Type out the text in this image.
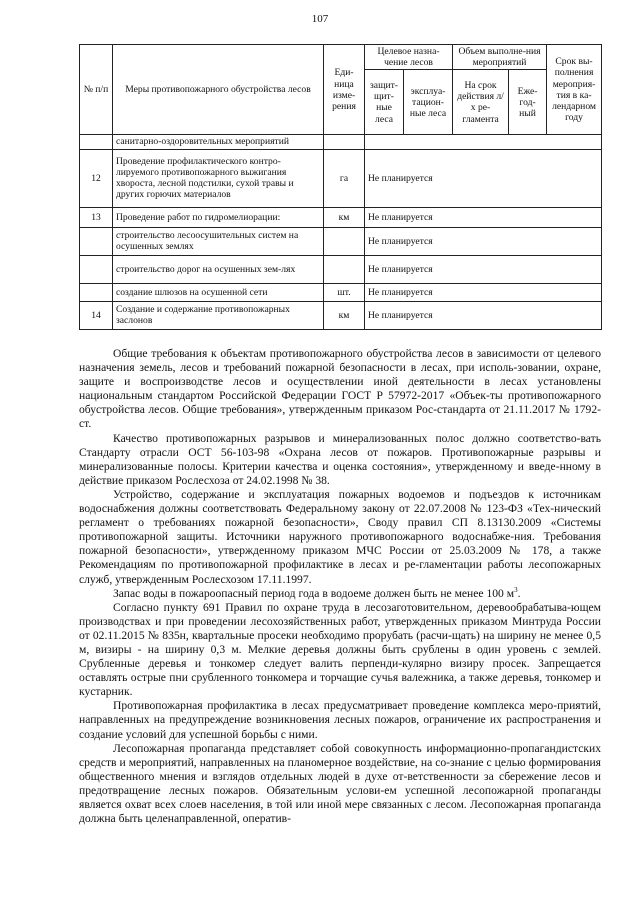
107
№ п/п	Меры противопожарного обустройства лесов	Еди-ница изме-рения	Целевое назна-чение лесов		Объем выполне-ния мероприятий		Срок вы-полнения мероприя-тия в ка-лендарном году
			защит-щит-ные леса	эксплуа-тацион-ные леса	На срок действия л/х ре-гламента	Еже-год-ный	

	санитарно-оздоровительных мероприятий						
12	Проведение профилактического контро-лируемого противопожарного выжигания хвороста, лесной подстилки, сухой травы и других горючих материалов	га	Не планируется				
13	Проведение работ по гидромелиорации:	км	Не планируется				
	строительство лесоосушительных систем на осушенных землях		Не планируется				
	строительство дорог на осушенных зем-лях		Не планируется				
	создание шлюзов на осушенной сети	шт.	Не планируется				
14	Создание и содержание противопожарных заслонов	км	Не планируется				

Общие требования к объектам противопожарного обустройства лесов в зависимости от целевого назначения земель, лесов и требований пожарной безопасности в лесах, при исполь-зовании, охране, защите и воспроизводстве лесов и осуществлении иной деятельности в лесах установлены национальным стандартом Российской Федерации ГОСТ Р 57972-2017 «Объек-ты противопожарного обустройства лесов. Общие требования», утвержденным приказом Рос-стандарта от 21.11.2017 № 1792-ст.

Качество противопожарных разрывов и минерализованных полос должно соответство-вать Стандарту отрасли ОСТ 56-103-98 «Охрана лесов от пожаров. Противопожарные разрывы и минерализованные полосы. Критерии качества и оценка состояния», утвержденному и введе-нному в действие приказом Рослесхоза от 24.02.1998 № 38.

Устройство, содержание и эксплуатация пожарных водоемов и подъездов к источникам водоснабжения должны соответствовать Федеральному закону от 22.07.2008 № 123-ФЗ «Тех-нический регламент о требованиях пожарной безопасности», Своду правил СП 8.13130.2009 «Системы противопожарной защиты. Источники наружного противопожарного водоснабже-ния. Требования пожарной безопасности», утвержденному приказом МЧС России от 25.03.2009 № 178, а также Рекомендациям по противопожарной профилактике в лесах и ре-гламентации работы лесопожарных служб, утвержденным Рослесхозом 17.11.1997.

Запас воды в пожароопасный период года в водоеме должен быть не менее 100 $м^3$.

Согласно пункту 691 Правил по охране труда в лесозаготовительном, деревообрабатыва-ющем производствах и при проведении лесохозяйственных работ, утвержденных приказом Минтруда России от 02.11.2015 № 835н, квартальные просеки необходимо прорубать (расчи-щать) на ширину не менее 0,5 м, визиры - на ширину 0,3 м. Мелкие деревья должны быть срублены в один уровень с землей. Срубленные деревья и тонкомер следует валить перпенди-кулярно визиру просек. Запрещается оставлять острые пни срубленного тонкомера и торчащие сучья валежника, а также деревья, тонкомер и кустарник.

Противопожарная профилактика в лесах предусматривает проведение комплекса меро-приятий, направленных на предупреждение возникновения лесных пожаров, ограничение их распространения и создание условий для успешной борьбы с ними.

Лесопожарная пропаганда представляет собой совокупность информационно-пропагандистских средств и мероприятий, направленных на планомерное воздействие, на со-знание с целью формирования общественного мнения и взглядов отдельных людей в духе от-ветственности за сбережение лесов и предотвращение лесных пожаров. Обязательным услови-ем успешной лесопожарной пропаганды является охват всех слоев населения, в той или иной мере связанных с лесом. Лесопожарная пропаганда должна быть целенаправленной, оператив-
